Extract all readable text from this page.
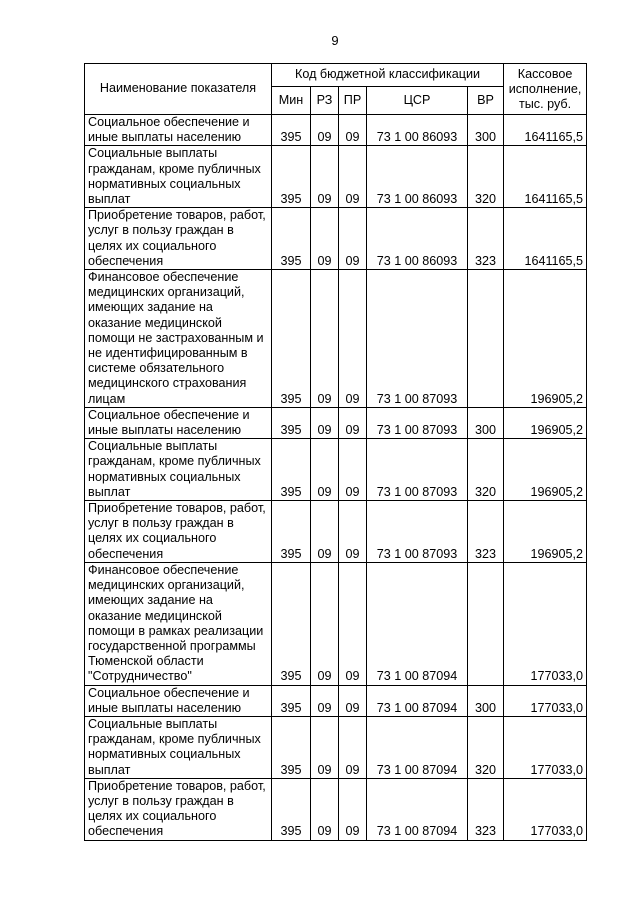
9
Наименование показателя	Код бюджетной классификации					Кассовое исполнение, тыс. руб.
	Мин	РЗ	ПР	ЦСР	ВР	
Социальное обеспечение и иные выплаты населению	395	09	09	73 1 00 86093	300	1641165,5
Социальные выплаты гражданам, кроме публичных нормативных социальных выплат	395	09	09	73 1 00 86093	320	1641165,5
Приобретение товаров, работ, услуг в пользу граждан в целях их социального обеспечения	395	09	09	73 1 00 86093	323	1641165,5
Финансовое обеспечение медицинских организаций, имеющих задание на оказание медицинской помощи не застрахованным и не идентифицированным в системе обязательного медицинского страхования лицам	395	09	09	73 1 00 87093		196905,2
Социальное обеспечение и иные выплаты населению	395	09	09	73 1 00 87093	300	196905,2
Социальные выплаты гражданам, кроме публичных нормативных социальных выплат	395	09	09	73 1 00 87093	320	196905,2
Приобретение товаров, работ, услуг в пользу граждан в целях их социального обеспечения	395	09	09	73 1 00 87093	323	196905,2
Финансовое обеспечение медицинских организаций, имеющих задание на оказание медицинской помощи в рамках реализации государственной программы Тюменской области "Сотрудничество"	395	09	09	73 1 00 87094		177033,0
Социальное обеспечение и иные выплаты населению	395	09	09	73 1 00 87094	300	177033,0
Социальные выплаты гражданам, кроме публичных нормативных социальных выплат	395	09	09	73 1 00 87094	320	177033,0
Приобретение товаров, работ, услуг в пользу граждан в целях их социального обеспечения	395	09	09	73 1 00 87094	323	177033,0
